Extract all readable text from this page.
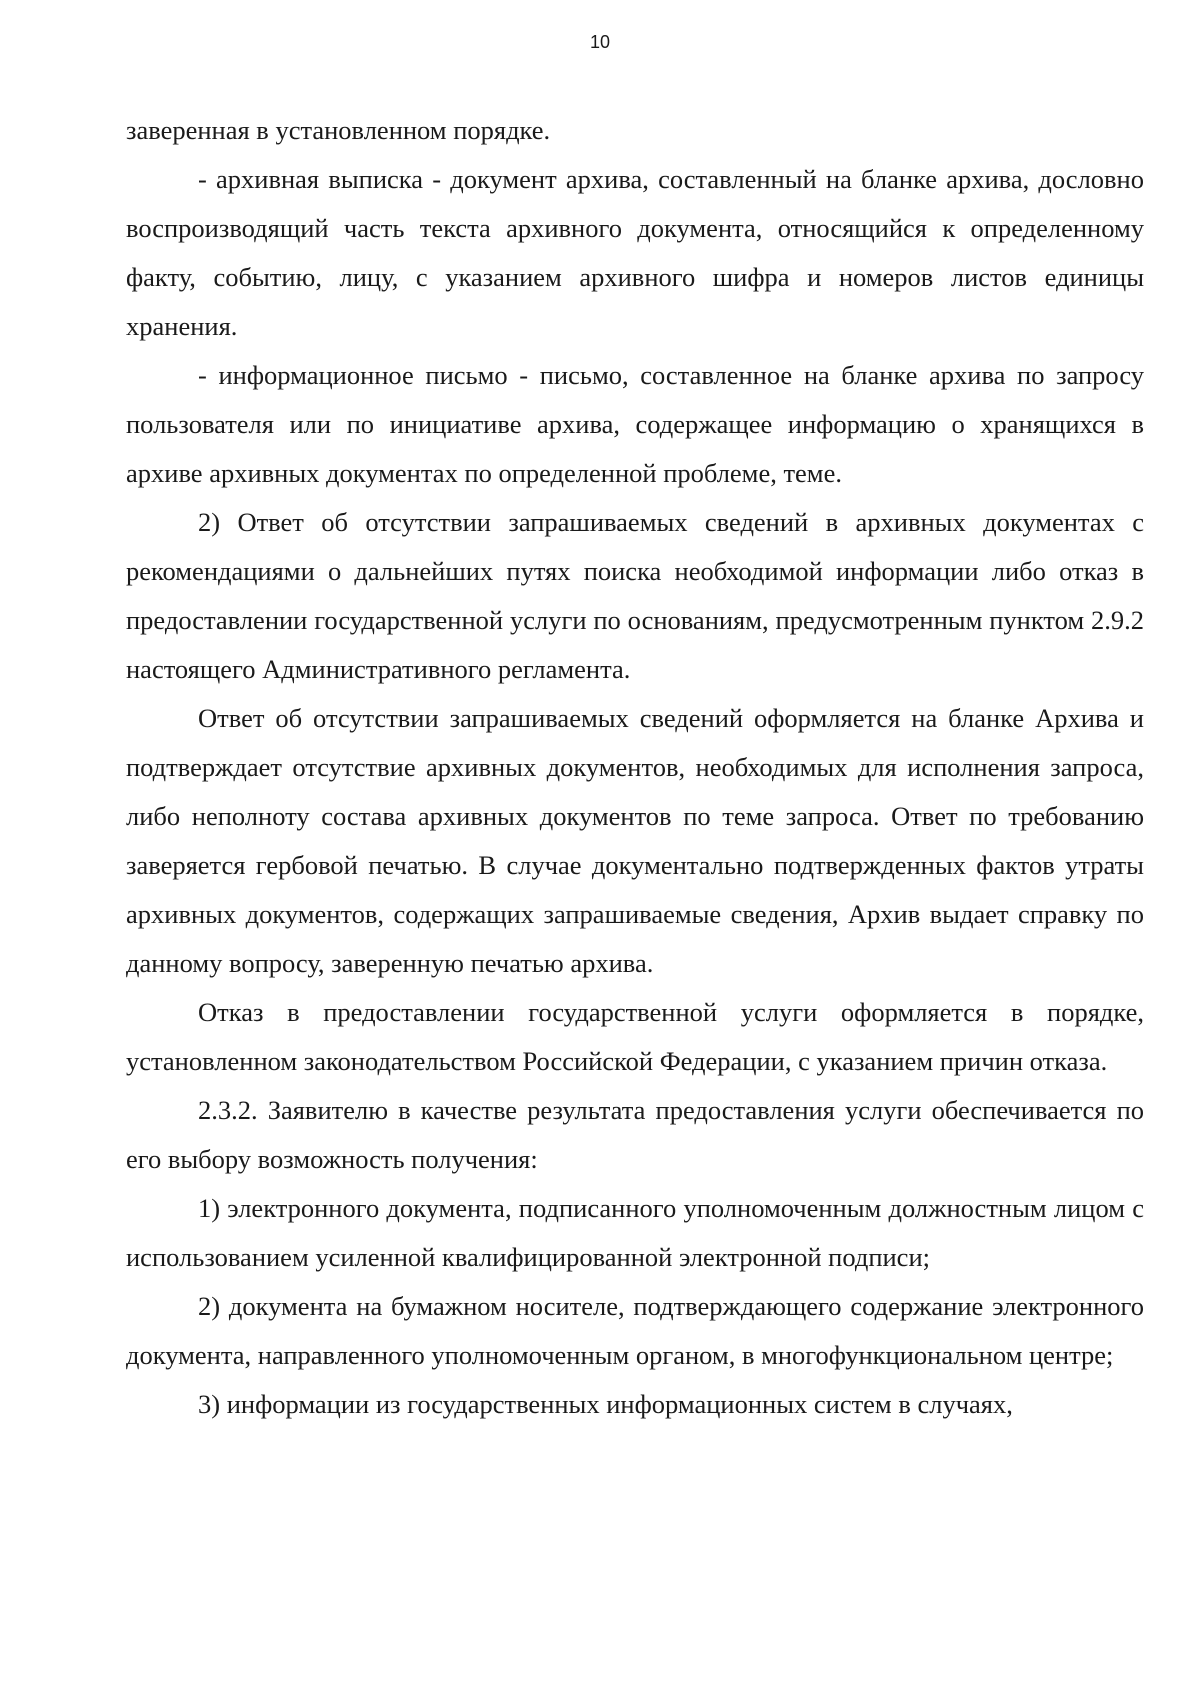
10

заверенная в установленном порядке.

- архивная выписка - документ архива, составленный на бланке архива, дословно воспроизводящий часть текста архивного документа, относящийся к определенному факту, событию, лицу, с указанием архивного шифра и номеров листов единицы хранения.

- информационное письмо - письмо, составленное на бланке архива по запросу пользователя или по инициативе архива, содержащее информацию о хранящихся в архиве архивных документах по определенной проблеме, теме.

2) Ответ об отсутствии запрашиваемых сведений в архивных документах с рекомендациями о дальнейших путях поиска необходимой информации либо отказ в предоставлении государственной услуги по основаниям, предусмотренным пунктом 2.9.2 настоящего Административного регламента.

Ответ об отсутствии запрашиваемых сведений оформляется на бланке Архива и подтверждает отсутствие архивных документов, необходимых для исполнения запроса, либо неполноту состава архивных документов по теме запроса. Ответ по требованию заверяется гербовой печатью. В случае документально подтвержденных фактов утраты архивных документов, содержащих запрашиваемые сведения, Архив выдает справку по данному вопросу, заверенную печатью архива.

Отказ в предоставлении государственной услуги оформляется в порядке, установленном законодательством Российской Федерации, с указанием причин отказа.

2.3.2. Заявителю в качестве результата предоставления услуги обеспечивается по его выбору возможность получения:

1) электронного документа, подписанного уполномоченным должностным лицом с использованием усиленной квалифицированной электронной подписи;

2) документа на бумажном носителе, подтверждающего содержание электронного документа, направленного уполномоченным органом, в многофункциональном центре;

3) информации из государственных информационных систем в случаях,
